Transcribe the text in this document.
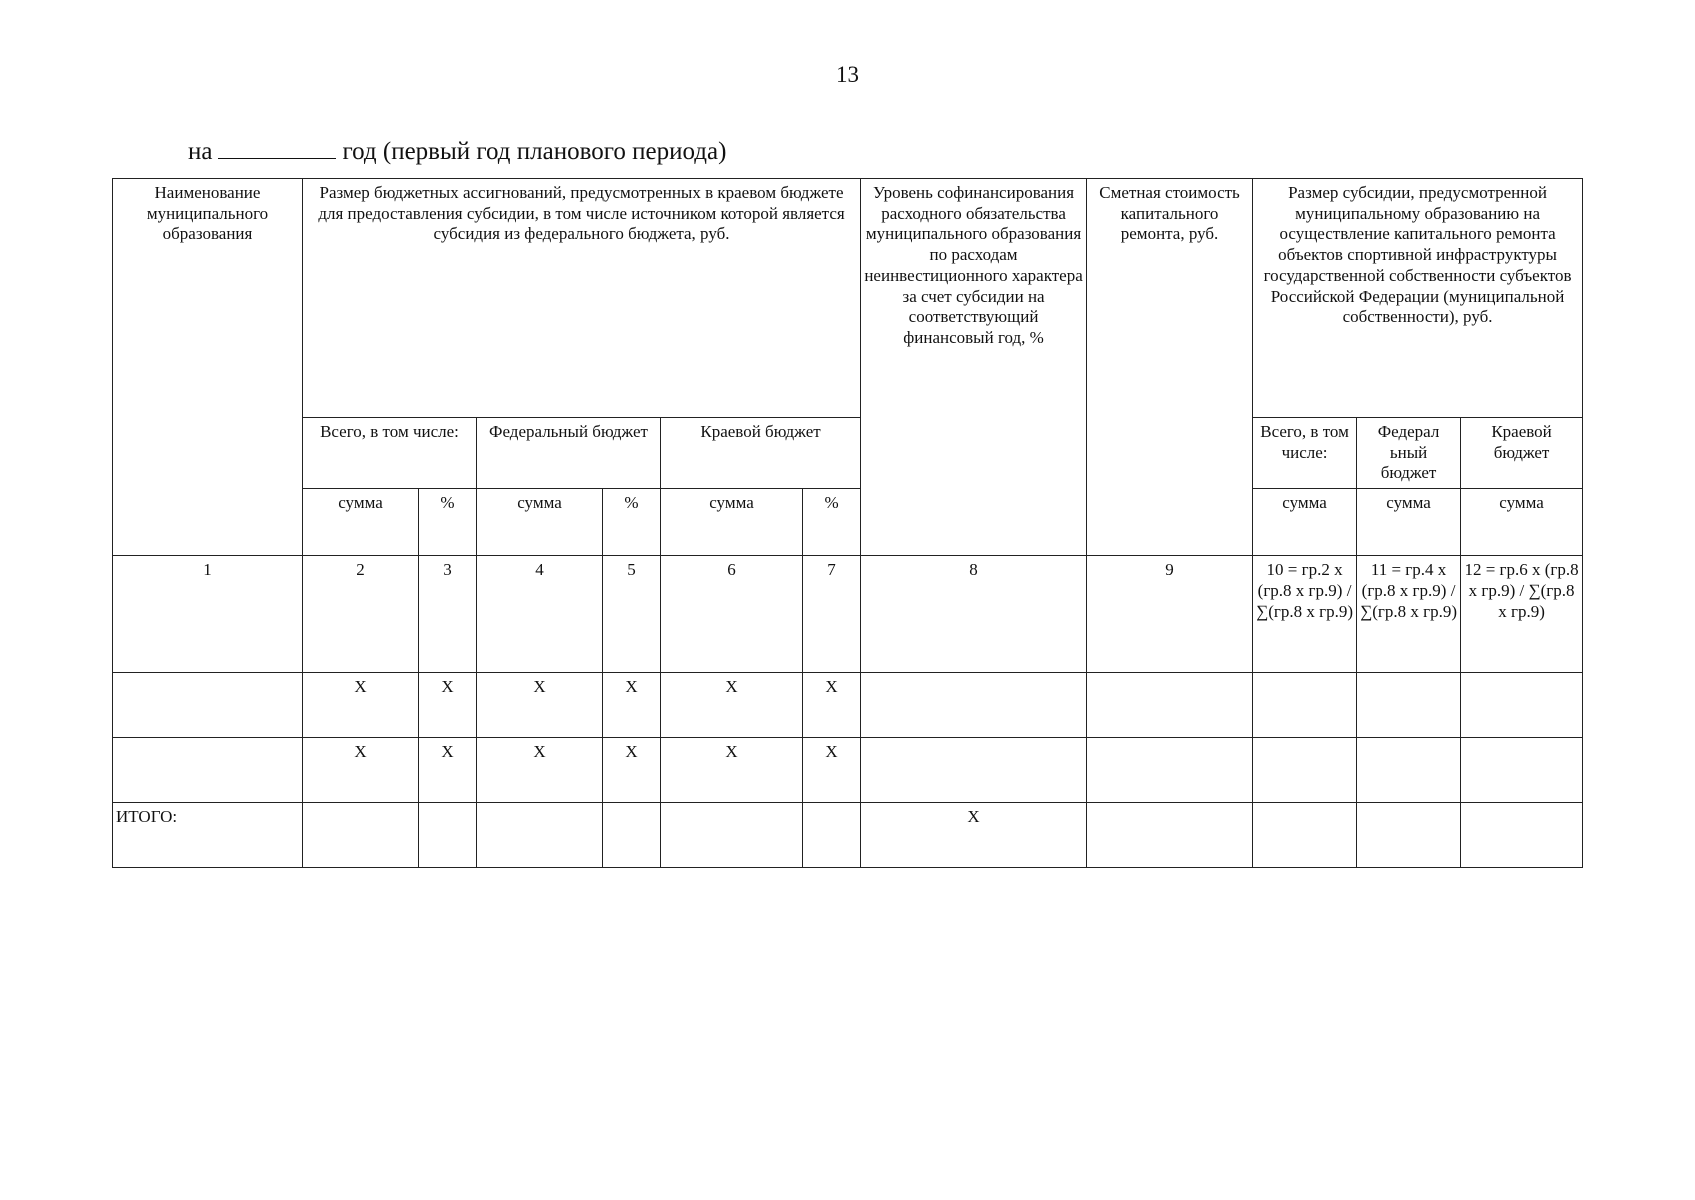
13
на	год (первый год планового периода)
Наименование муниципального образования	Размер бюджетных ассигнований, предусмотренных в краевом бюджете для предоставления субсидии, в том числе источником которой является субсидия из федерального бюджета, руб.						Уровень софинансирования расходного обязательства муниципального образования по расходам неинвестиционного характера за счет субсидии на соответствующий финансовый год, %	Сметная стоимость капитального ремонта, руб.	Размер субсидии, предусмотренной муниципальному образованию на осуществление капитального ремонта объектов спортивной инфраструктуры государственной собственности субъектов Российской Федерации (муниципальной собственности), руб.		
	Всего, в том числе:		Федеральный бюджет		Краевой бюджет				Всего, в том числе:	Федерал ьный бюджет	Краевой бюджет
	сумма	%	сумма	%	сумма	%			сумма	сумма	сумма
1	2	3	4	5	6	7	8	9	10 = гр.2 х (гр.8 х гр.9) / ∑(гр.8 х гр.9)	11 = гр.4 х (гр.8 х гр.9) / ∑(гр.8 х гр.9)	12 = гр.6 х (гр.8 х гр.9) / ∑(гр.8 х гр.9)
	Х	Х	Х	Х	Х	Х					
	Х	Х	Х	Х	Х	Х					
ИТОГО:							Х				
